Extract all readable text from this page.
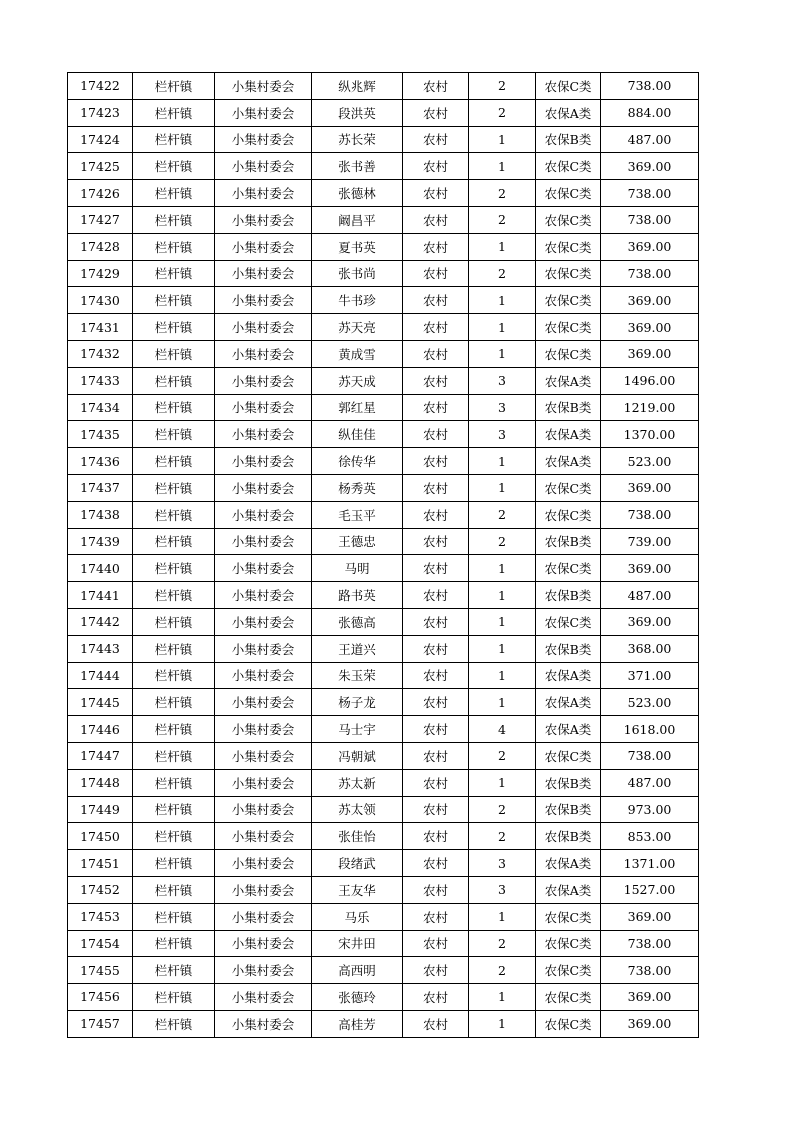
17422	栏杆镇	小集村委会	纵兆辉	农村	2	农保C类	738.00
17423	栏杆镇	小集村委会	段洪英	农村	2	农保A类	884.00
17424	栏杆镇	小集村委会	苏长荣	农村	1	农保B类	487.00
17425	栏杆镇	小集村委会	张书善	农村	1	农保C类	369.00
17426	栏杆镇	小集村委会	张德林	农村	2	农保C类	738.00
17427	栏杆镇	小集村委会	阚昌平	农村	2	农保C类	738.00
17428	栏杆镇	小集村委会	夏书英	农村	1	农保C类	369.00
17429	栏杆镇	小集村委会	张书尚	农村	2	农保C类	738.00
17430	栏杆镇	小集村委会	牛书珍	农村	1	农保C类	369.00
17431	栏杆镇	小集村委会	苏天亮	农村	1	农保C类	369.00
17432	栏杆镇	小集村委会	黄成雪	农村	1	农保C类	369.00
17433	栏杆镇	小集村委会	苏天成	农村	3	农保A类	1496.00
17434	栏杆镇	小集村委会	郭红星	农村	3	农保B类	1219.00
17435	栏杆镇	小集村委会	纵佳佳	农村	3	农保A类	1370.00
17436	栏杆镇	小集村委会	徐传华	农村	1	农保A类	523.00
17437	栏杆镇	小集村委会	杨秀英	农村	1	农保C类	369.00
17438	栏杆镇	小集村委会	毛玉平	农村	2	农保C类	738.00
17439	栏杆镇	小集村委会	王德忠	农村	2	农保B类	739.00
17440	栏杆镇	小集村委会	马明	农村	1	农保C类	369.00
17441	栏杆镇	小集村委会	路书英	农村	1	农保B类	487.00
17442	栏杆镇	小集村委会	张德高	农村	1	农保C类	369.00
17443	栏杆镇	小集村委会	王道兴	农村	1	农保B类	368.00
17444	栏杆镇	小集村委会	朱玉荣	农村	1	农保A类	371.00
17445	栏杆镇	小集村委会	杨子龙	农村	1	农保A类	523.00
17446	栏杆镇	小集村委会	马士宇	农村	4	农保A类	1618.00
17447	栏杆镇	小集村委会	冯朝斌	农村	2	农保C类	738.00
17448	栏杆镇	小集村委会	苏太新	农村	1	农保B类	487.00
17449	栏杆镇	小集村委会	苏太领	农村	2	农保B类	973.00
17450	栏杆镇	小集村委会	张佳怡	农村	2	农保B类	853.00
17451	栏杆镇	小集村委会	段绪武	农村	3	农保A类	1371.00
17452	栏杆镇	小集村委会	王友华	农村	3	农保A类	1527.00
17453	栏杆镇	小集村委会	马乐	农村	1	农保C类	369.00
17454	栏杆镇	小集村委会	宋井田	农村	2	农保C类	738.00
17455	栏杆镇	小集村委会	高西明	农村	2	农保C类	738.00
17456	栏杆镇	小集村委会	张德玲	农村	1	农保C类	369.00
17457	栏杆镇	小集村委会	高桂芳	农村	1	农保C类	369.00
